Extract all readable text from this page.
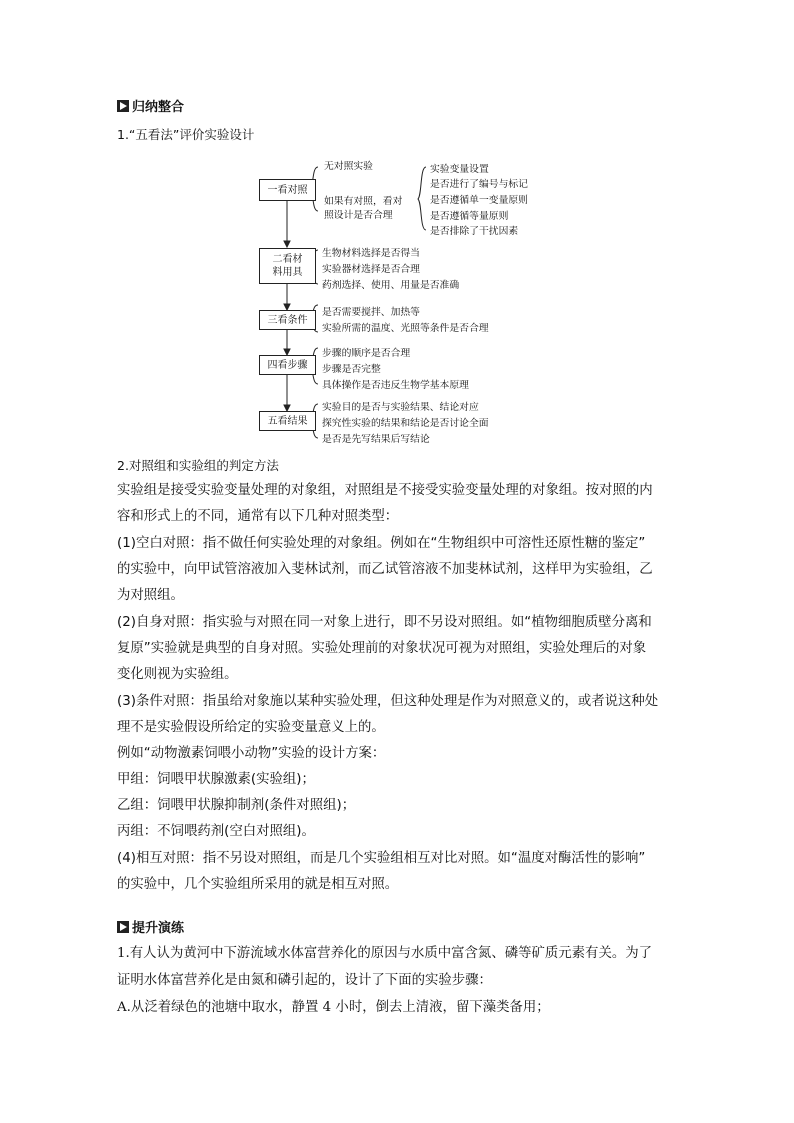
归纳整合
1.“五看法”评价实验设计
一看对照
无对照实验
如果有对照，看对
照设计是否合理
实验变量设置
是否进行了编号与标记
是否遵循单一变量原则
是否遵循等量原则
是否排除了干扰因素
二看材
料用具
生物材料选择是否得当
实验器材选择是否合理
药剂选择、使用、用量是否准确
三看条件
是否需要搅拌、加热等
实验所需的温度、光照等条件是否合理
四看步骤
步骤的顺序是否合理
步骤是否完整
具体操作是否违反生物学基本原理
五看结果
实验目的是否与实验结果、结论对应
探究性实验的结果和结论是否讨论全面
是否是先写结果后写结论
2.对照组和实验组的判定方法
实验组是接受实验变量处理的对象组，对照组是不接受实验变量处理的对象组。按对照的内
容和形式上的不同，通常有以下几种对照类型：
(1)空白对照：指不做任何实验处理的对象组。例如在“生物组织中可溶性还原性糖的鉴定”
的实验中，向甲试管溶液加入斐林试剂，而乙试管溶液不加斐林试剂，这样甲为实验组，乙
为对照组。
(2)自身对照：指实验与对照在同一对象上进行，即不另设对照组。如“植物细胞质壁分离和
复原”实验就是典型的自身对照。实验处理前的对象状况可视为对照组，实验处理后的对象
变化则视为实验组。
(3)条件对照：指虽给对象施以某种实验处理，但这种处理是作为对照意义的，或者说这种处
理不是实验假设所给定的实验变量意义上的。
例如“动物激素饲喂小动物”实验的设计方案：
甲组：饲喂甲状腺激素(实验组)；
乙组：饲喂甲状腺抑制剂(条件对照组)；
丙组：不饲喂药剂(空白对照组)。
(4)相互对照：指不另设对照组，而是几个实验组相互对比对照。如“温度对酶活性的影响”
的实验中，几个实验组所采用的就是相互对照。
提升演练
1.有人认为黄河中下游流域水体富营养化的原因与水质中富含氮、磷等矿质元素有关。为了
证明水体富营养化是由氮和磷引起的，设计了下面的实验步骤：
A.从泛着绿色的池塘中取水，静置 4 小时，倒去上清液，留下藻类备用；
